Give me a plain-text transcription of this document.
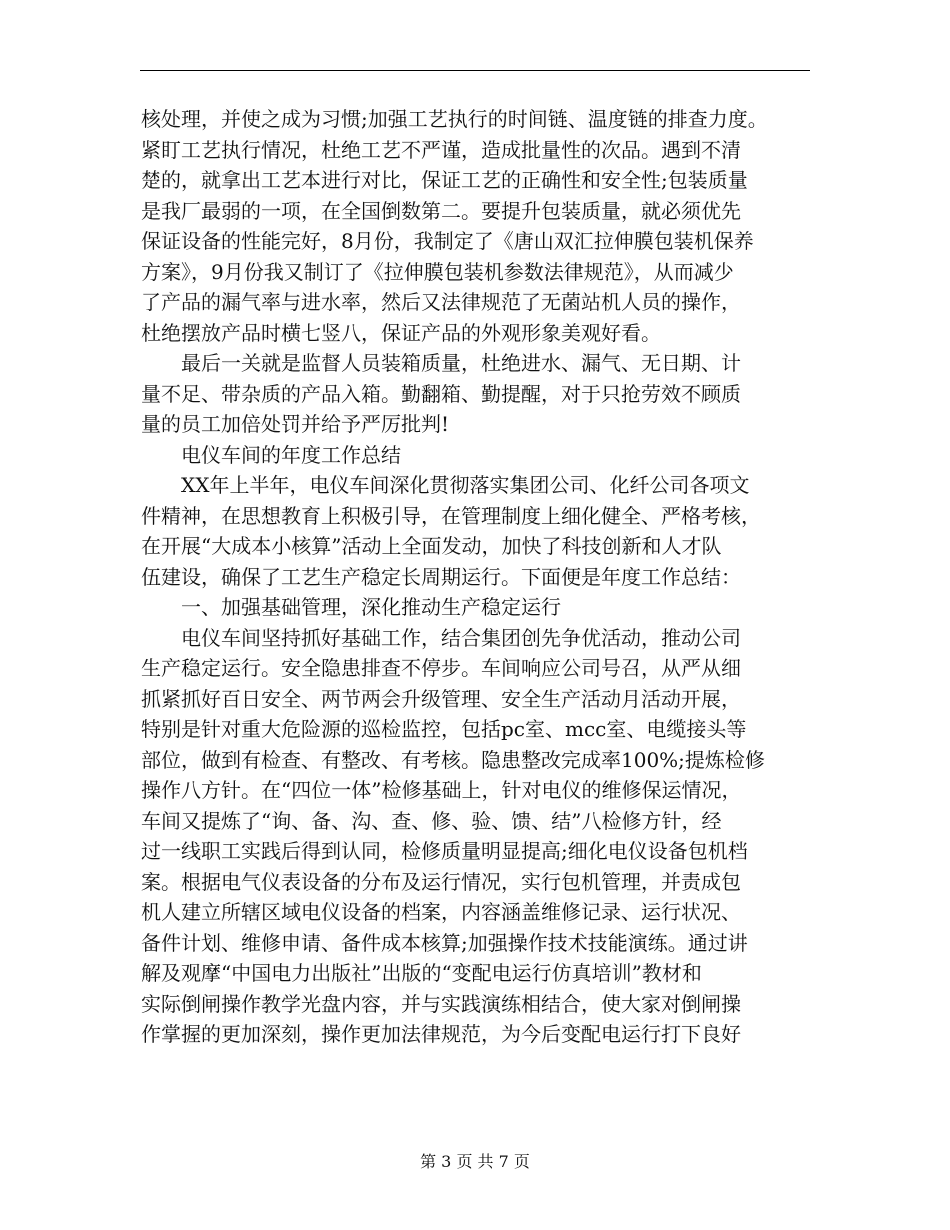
核处理，并使之成为习惯;加强工艺执行的时间链、温度链的排查力度。
紧盯工艺执行情况，杜绝工艺不严谨，造成批量性的次品。遇到不清
楚的，就拿出工艺本进行对比，保证工艺的正确性和安全性;包装质量
是我厂最弱的一项，在全国倒数第二。要提升包装质量，就必须优先
保证设备的性能完好，8月份，我制定了《唐山双汇拉伸膜包装机保养
方案》，9月份我又制订了《拉伸膜包装机参数法律规范》，从而减少
了产品的漏气率与进水率，然后又法律规范了无菌站机人员的操作，
杜绝摆放产品时横七竖八，保证产品的外观形象美观好看。
最后一关就是监督人员装箱质量，杜绝进水、漏气、无日期、计
量不足、带杂质的产品入箱。勤翻箱、勤提醒，对于只抢劳效不顾质
量的员工加倍处罚并给予严厉批判!
电仪车间的年度工作总结
XX年上半年，电仪车间深化贯彻落实集团公司、化纤公司各项文
件精神，在思想教育上积极引导，在管理制度上细化健全、严格考核，
在开展“大成本小核算”活动上全面发动，加快了科技创新和人才队
伍建设，确保了工艺生产稳定长周期运行。下面便是年度工作总结：
一、加强基础管理，深化推动生产稳定运行
电仪车间坚持抓好基础工作，结合集团创先争优活动，推动公司
生产稳定运行。安全隐患排查不停步。车间响应公司号召，从严从细
抓紧抓好百日安全、两节两会升级管理、安全生产活动月活动开展，
特别是针对重大危险源的巡检监控，包括pc室、mcc室、电缆接头等
部位，做到有检查、有整改、有考核。隐患整改完成率100%;提炼检修
操作八方针。在“四位一体”检修基础上，针对电仪的维修保运情况，
车间又提炼了“询、备、沟、查、修、验、馈、结”八检修方针，经
过一线职工实践后得到认同，检修质量明显提高;细化电仪设备包机档
案。根据电气仪表设备的分布及运行情况，实行包机管理，并责成包
机人建立所辖区域电仪设备的档案，内容涵盖维修记录、运行状况、
备件计划、维修申请、备件成本核算;加强操作技术技能演练。通过讲
解及观摩“中国电力出版社”出版的“变配电运行仿真培训”教材和
实际倒闸操作教学光盘内容，并与实践演练相结合，使大家对倒闸操
作掌握的更加深刻，操作更加法律规范，为今后变配电运行打下良好
第 3 页 共 7 页
